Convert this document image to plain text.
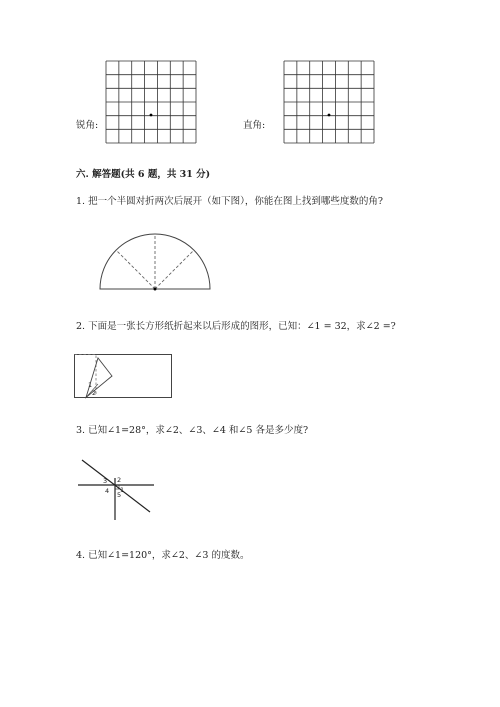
锐角:	直角:
六. 解答题(共 6 题，共 31 分)
1. 把一个半圆对折两次后展开（如下图），你能在图上找到哪些度数的角?
2. 下面是一张长方形纸折起来以后形成的图形，已知：∠1 = 32，求∠2 =?
1
2
3. 已知∠1=28°，求∠2、∠3、∠4 和∠5 各是多少度?
1
2
3
4 5
4. 已知∠1=120°，求∠2、∠3 的度数。
